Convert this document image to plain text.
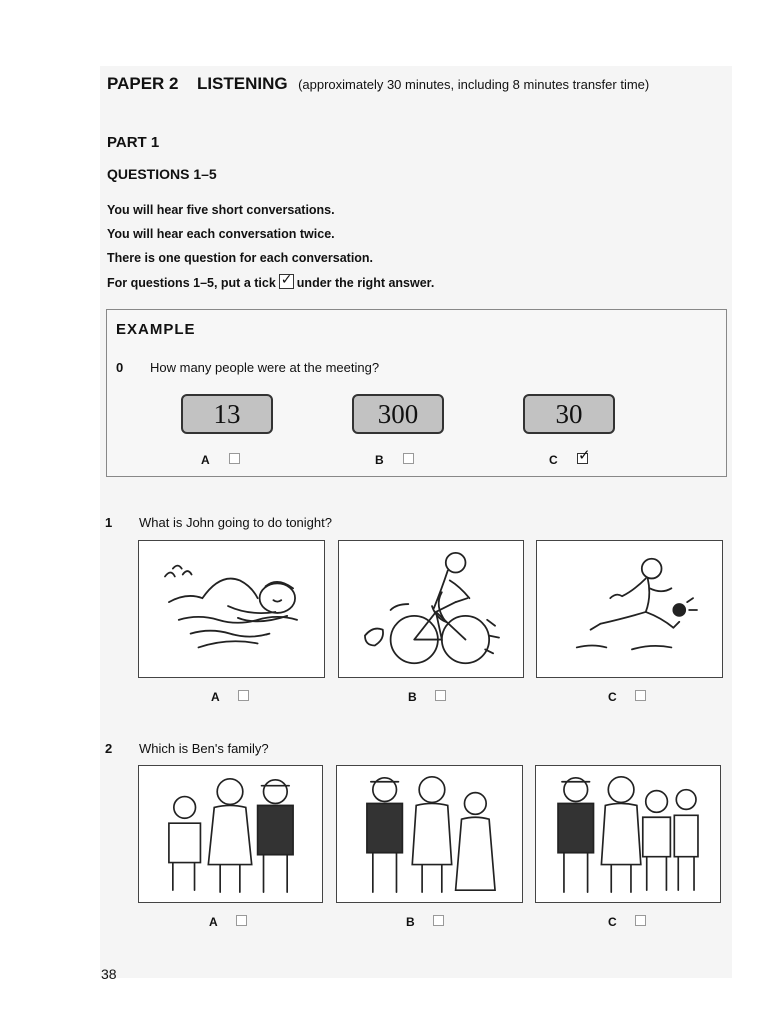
PAPER 2 LISTENING (approximately 30 minutes, including 8 minutes transfer time)
PART 1
QUESTIONS 1–5
You will hear five short conversations.
You will hear each conversation twice.
There is one question for each conversation.
For questions 1–5, put a tick✓ under the right answer.
EXAMPLE
0 How many people were at the meeting?
13	300	30
A	B	C ✓
1 What is John going to do tonight?
A	B	C
2 Which is Ben's family?
A	B	C
38
